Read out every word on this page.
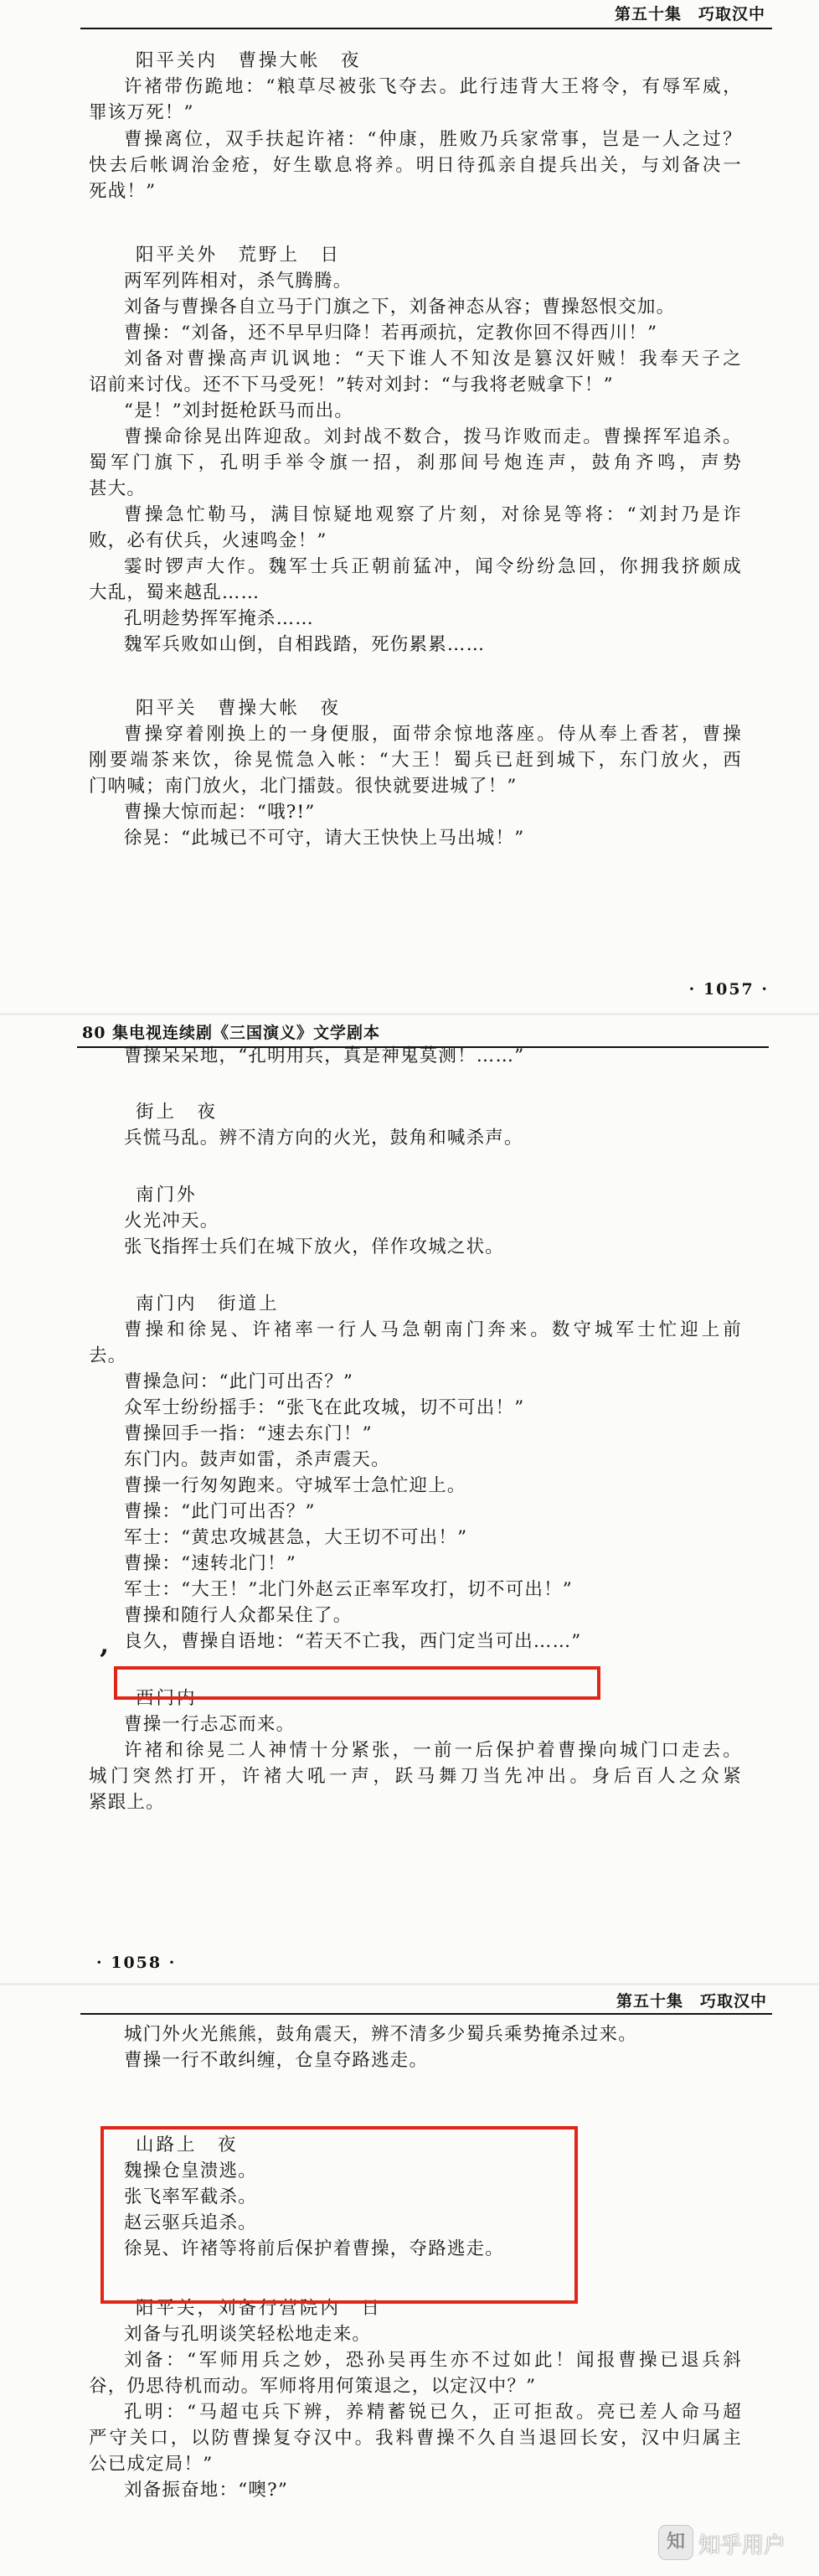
第五十集　巧取汉中
阳平关内　曹操大帐　夜
许褚带伤跪地：“粮草尽被张飞夺去。此行违背大王将令，有辱军威，
罪该万死！”
曹操离位，双手扶起许褚：“仲康，胜败乃兵家常事，岂是一人之过？
快去后帐调治金疮，好生歇息将养。明日待孤亲自提兵出关，与刘备决一
死战！”
阳平关外　荒野上　日
两军列阵相对，杀气腾腾。
刘备与曹操各自立马于门旗之下，刘备神态从容；曹操怒恨交加。
曹操：“刘备，还不早早归降！若再顽抗，定教你回不得西川！”
刘备对曹操高声讥讽地：“天下谁人不知汝是篡汉奸贼！我奉天子之
诏前来讨伐。还不下马受死！”转对刘封：“与我将老贼拿下！”
“是！”刘封挺枪跃马而出。
曹操命徐晃出阵迎敌。刘封战不数合，拨马诈败而走。曹操挥军追杀。
蜀军门旗下，孔明手举令旗一招，刹那间号炮连声，鼓角齐鸣，声势
甚大。
曹操急忙勒马，满目惊疑地观察了片刻，对徐晃等将：“刘封乃是诈
败，必有伏兵，火速鸣金！”
霎时锣声大作。魏军士兵正朝前猛冲，闻令纷纷急回，你拥我挤颇成
大乱，蜀来越乱……
孔明趁势挥军掩杀……
魏军兵败如山倒，自相践踏，死伤累累……
阳平关　曹操大帐　夜
曹操穿着刚换上的一身便服，面带余惊地落座。侍从奉上香茗，曹操
刚要端茶来饮，徐晃慌急入帐：“大王！蜀兵已赶到城下，东门放火，西
门呐喊；南门放火，北门擂鼓。很快就要进城了！”
曹操大惊而起：“哦?!”
徐晃：“此城已不可守，请大王快快上马出城！”
· 1057 ·
80 集电视连续剧《三国演义》文学剧本
曹操呆呆地，“孔明用兵，真是神鬼莫测！……”
街上　夜
兵慌马乱。辨不清方向的火光，鼓角和喊杀声。
南门外
火光冲天。
张飞指挥士兵们在城下放火，佯作攻城之状。
南门内　街道上
曹操和徐晃、许褚率一行人马急朝南门奔来。数守城军士忙迎上前
去。
曹操急问：“此门可出否？”
众军士纷纷摇手：“张飞在此攻城，切不可出！”
曹操回手一指：“速去东门！”
东门内。鼓声如雷，杀声震天。
曹操一行匆匆跑来。守城军士急忙迎上。
曹操：“此门可出否？”
军士：“黄忠攻城甚急，大王切不可出！”
曹操：“速转北门！”
军士：“大王！”北门外赵云正率军攻打，切不可出！”
曹操和随行人众都呆住了。
良久，曹操自语地：“若天不亡我，西门定当可出……”
西门内
曹操一行忐忑而来。
许褚和徐晃二人神情十分紧张，一前一后保护着曹操向城门口走去。
城门突然打开，许褚大吼一声，跃马舞刀当先冲出。身后百人之众紧
紧跟上。
’
· 1058 ·
第五十集　巧取汉中
城门外火光熊熊，鼓角震天，辨不清多少蜀兵乘势掩杀过来。
曹操一行不敢纠缠，仓皇夺路逃走。
山路上　夜
魏操仓皇溃逃。
张飞率军截杀。
赵云驱兵追杀。
徐晃、许褚等将前后保护着曹操，夺路逃走。
阳平关，刘备行营院内　日
刘备与孔明谈笑轻松地走来。
刘备：“军师用兵之妙，恐孙吴再生亦不过如此！闻报曹操已退兵斜
谷，仍思待机而动。军师将用何策退之，以定汉中？”
孔明：“马超屯兵下辨，养精蓄锐已久，正可拒敌。亮已差人命马超
严守关口，以防曹操复夺汉中。我料曹操不久自当退回长安，汉中归属主
公已成定局！”
刘备振奋地：“噢?”
知 知乎用户
